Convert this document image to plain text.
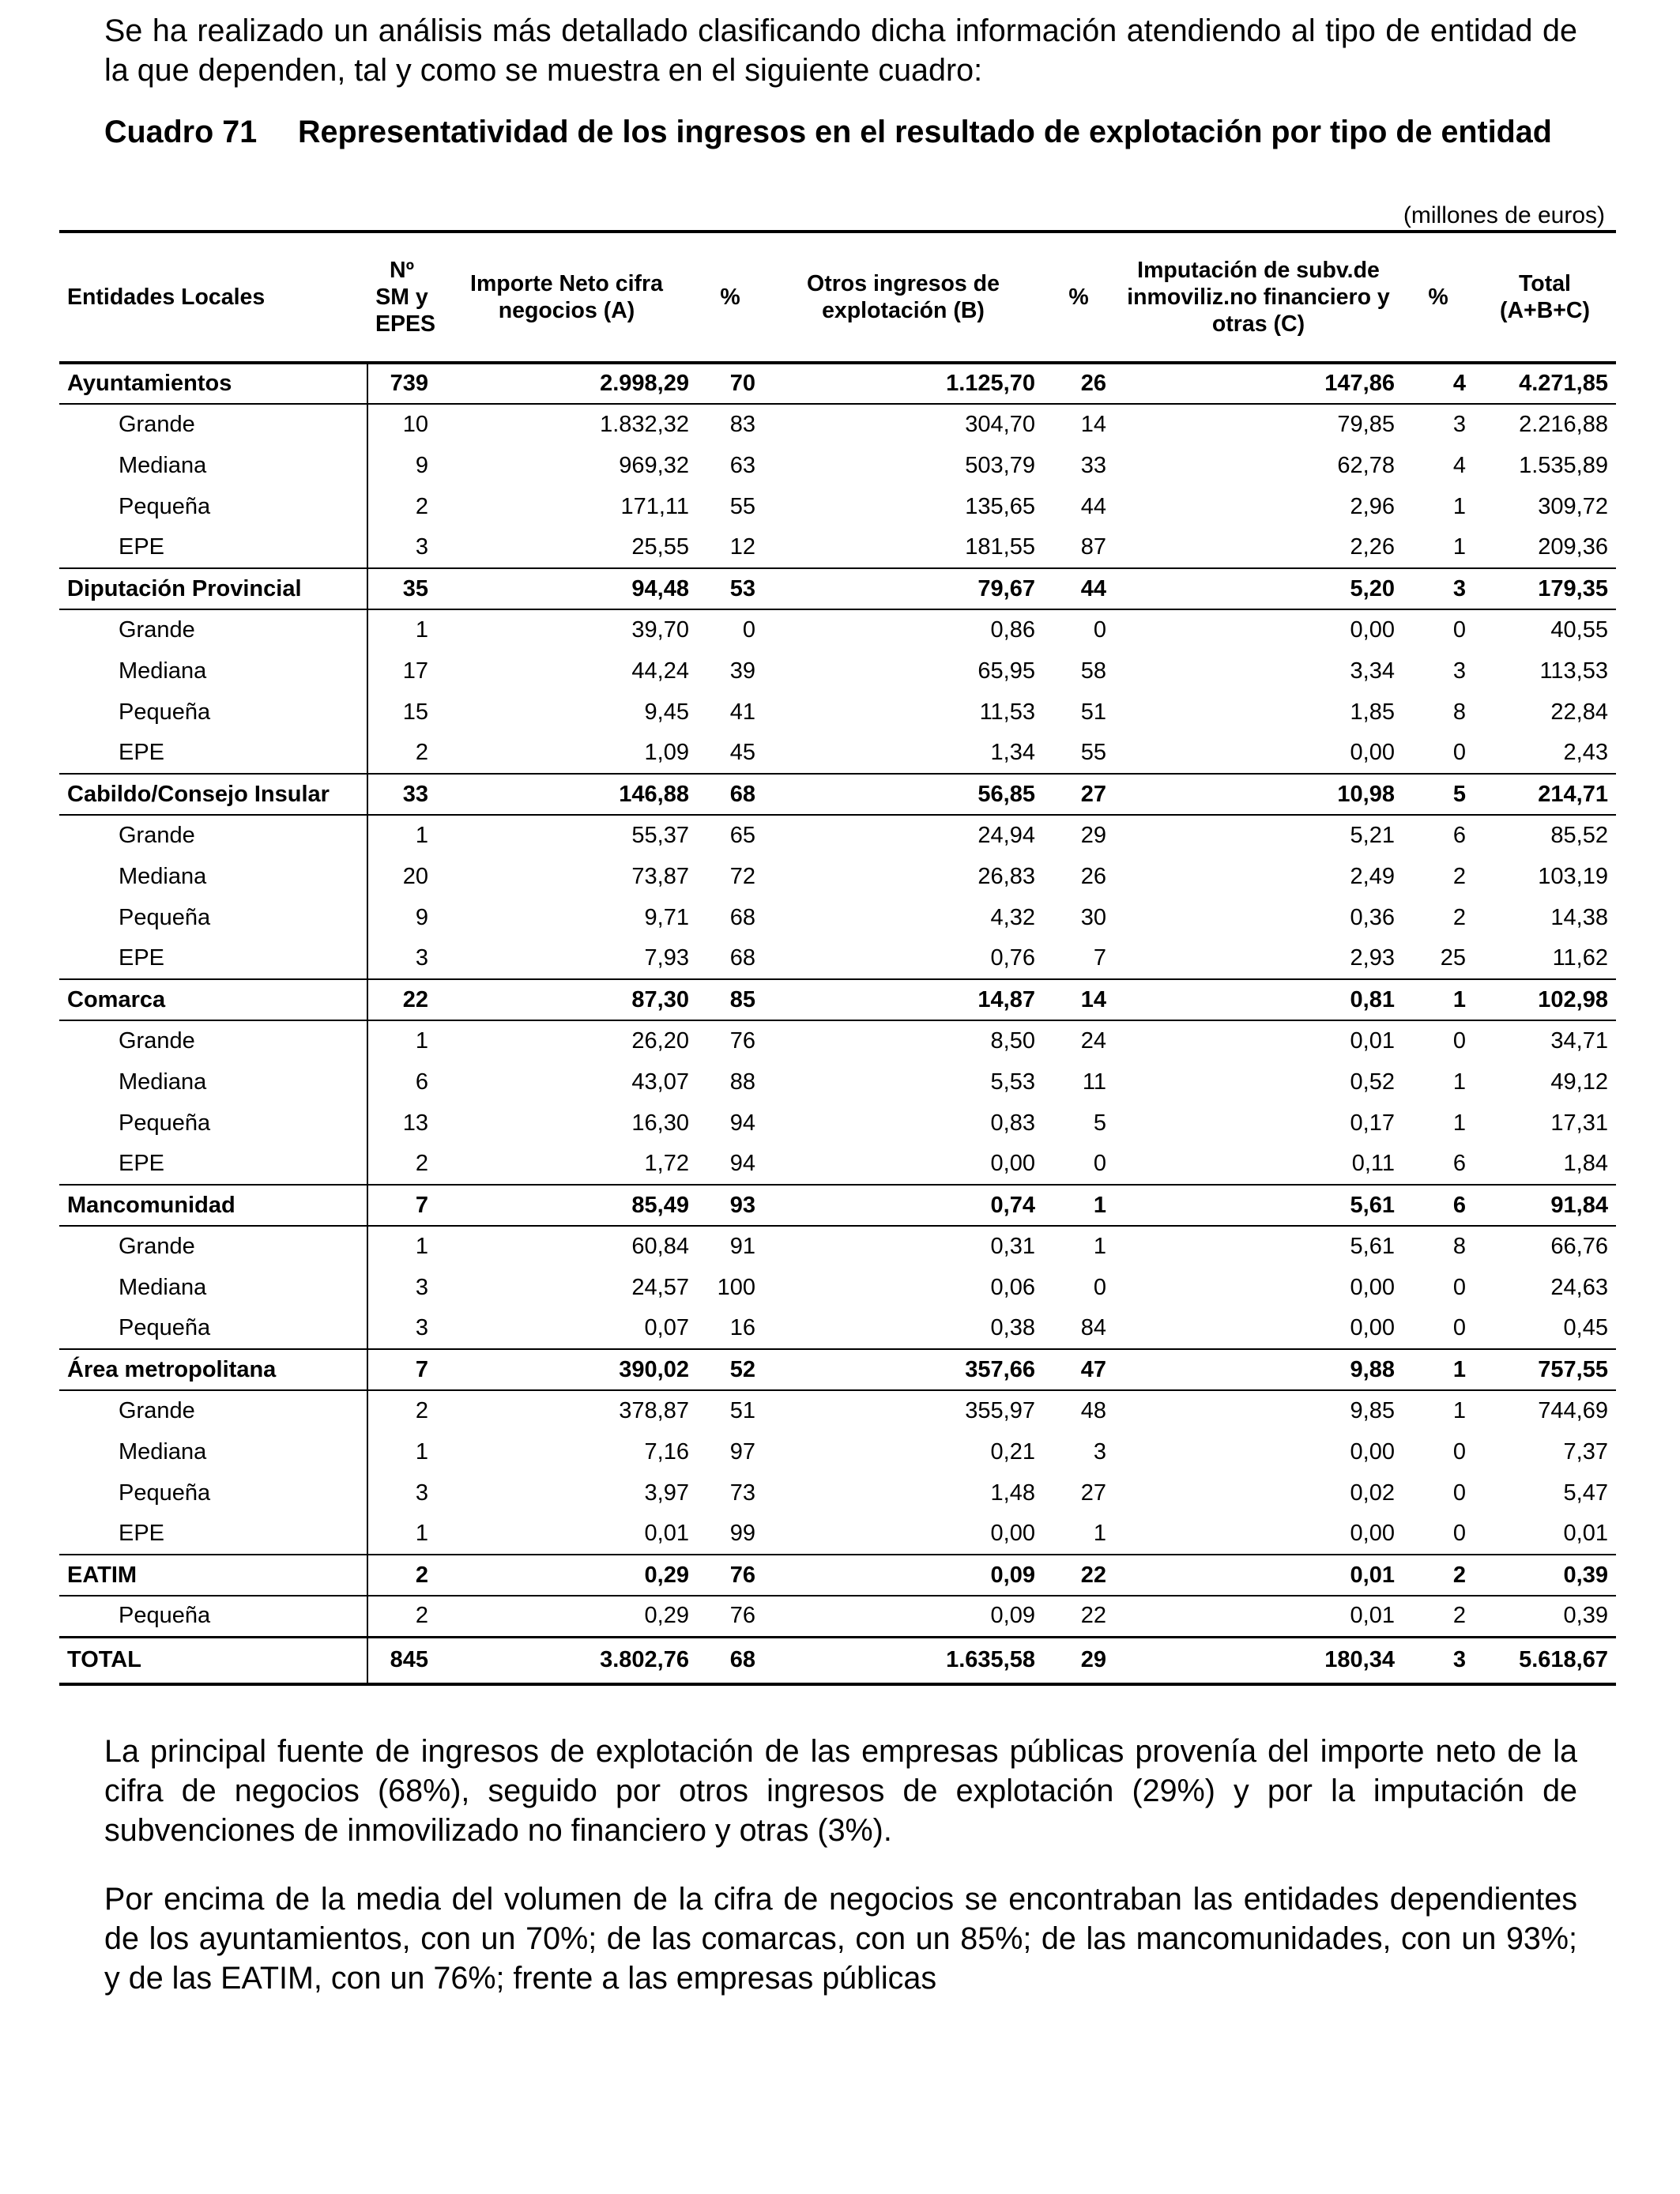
Se ha realizado un análisis más detallado clasificando dicha información atendiendo al tipo de entidad de la que dependen, tal y como se muestra en el siguiente cuadro:
Cuadro 71	Representatividad de los ingresos en el resultado de explotación por tipo de entidad
(millones de euros)
Entidades Locales	Nº SM y EPES	Importe Neto cifra negocios (A)	%	Otros ingresos de explotación (B)	%	Imputación de subv.de inmoviliz.no financiero y otras (C)	%	Total (A+B+C)
Ayuntamientos	739	2.998,29	70	1.125,70	26	147,86	4	4.271,85
Grande	10	1.832,32	83	304,70	14	79,85	3	2.216,88
Mediana	9	969,32	63	503,79	33	62,78	4	1.535,89
Pequeña	2	171,11	55	135,65	44	2,96	1	309,72
EPE	3	25,55	12	181,55	87	2,26	1	209,36
Diputación Provincial	35	94,48	53	79,67	44	5,20	3	179,35
Grande	1	39,70	0	0,86	0	0,00	0	40,55
Mediana	17	44,24	39	65,95	58	3,34	3	113,53
Pequeña	15	9,45	41	11,53	51	1,85	8	22,84
EPE	2	1,09	45	1,34	55	0,00	0	2,43
Cabildo/Consejo Insular	33	146,88	68	56,85	27	10,98	5	214,71
Grande	1	55,37	65	24,94	29	5,21	6	85,52
Mediana	20	73,87	72	26,83	26	2,49	2	103,19
Pequeña	9	9,71	68	4,32	30	0,36	2	14,38
EPE	3	7,93	68	0,76	7	2,93	25	11,62
Comarca	22	87,30	85	14,87	14	0,81	1	102,98
Grande	1	26,20	76	8,50	24	0,01	0	34,71
Mediana	6	43,07	88	5,53	11	0,52	1	49,12
Pequeña	13	16,30	94	0,83	5	0,17	1	17,31
EPE	2	1,72	94	0,00	0	0,11	6	1,84
Mancomunidad	7	85,49	93	0,74	1	5,61	6	91,84
Grande	1	60,84	91	0,31	1	5,61	8	66,76
Mediana	3	24,57	100	0,06	0	0,00	0	24,63
Pequeña	3	0,07	16	0,38	84	0,00	0	0,45
Área metropolitana	7	390,02	52	357,66	47	9,88	1	757,55
Grande	2	378,87	51	355,97	48	9,85	1	744,69
Mediana	1	7,16	97	0,21	3	0,00	0	7,37
Pequeña	3	3,97	73	1,48	27	0,02	0	5,47
EPE	1	0,01	99	0,00	1	0,00	0	0,01
EATIM	2	0,29	76	0,09	22	0,01	2	0,39
Pequeña	2	0,29	76	0,09	22	0,01	2	0,39
TOTAL	845	3.802,76	68	1.635,58	29	180,34	3	5.618,67
La principal fuente de ingresos de explotación de las empresas públicas provenía del importe neto de la cifra de negocios (68%), seguido por otros ingresos de explotación (29%) y por la imputación de subvenciones de inmovilizado no financiero y otras (3%).
Por encima de la media del volumen de la cifra de negocios se encontraban las entidades dependientes de los ayuntamientos, con un 70%; de las comarcas, con un 85%; de las mancomunidades, con un 93%; y de las EATIM, con un 76%; frente a las empresas públicas
